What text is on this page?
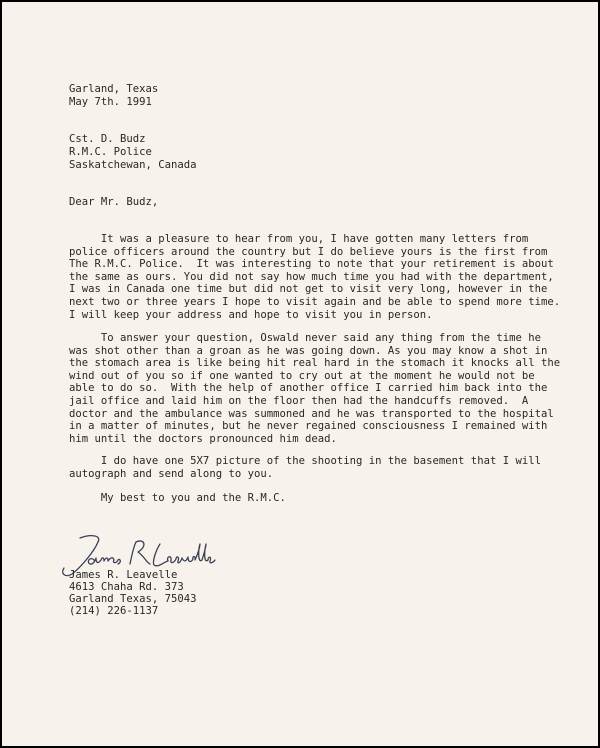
Garland, Texas
May 7th. 1991
Cst. D. Budz
R.M.C. Police
Saskatchewan, Canada
Dear Mr. Budz,
It was a pleasure to hear from you, I have gotten many letters from
police officers around the country but I do believe yours is the first from
The R.M.C. Police.  It was interesting to note that your retirement is about
the same as ours. You did not say how much time you had with the department,
I was in Canada one time but did not get to visit very long, however in the
next two or three years I hope to visit again and be able to spend more time.
I will keep your address and hope to visit you in person.
To answer your question, Oswald never said any thing from the time he
was shot other than a groan as he was going down. As you may know a shot in
the stomach area is like being hit real hard in the stomach it knocks all the
wind out of you so if one wanted to cry out at the moment he would not be
able to do so.  With the help of another office I carried him back into the
jail office and laid him on the floor then had the handcuffs removed.  A
doctor and the ambulance was summoned and he was transported to the hospital
in a matter of minutes, but he never regained consciousness I remained with
him until the doctors pronounced him dead.
I do have one 5X7 picture of the shooting in the basement that I will
autograph and send along to you.
My best to you and the R.M.C.
James R. Leavelle
4613 Chaha Rd. 373
Garland Texas, 75043
(214) 226-1137
